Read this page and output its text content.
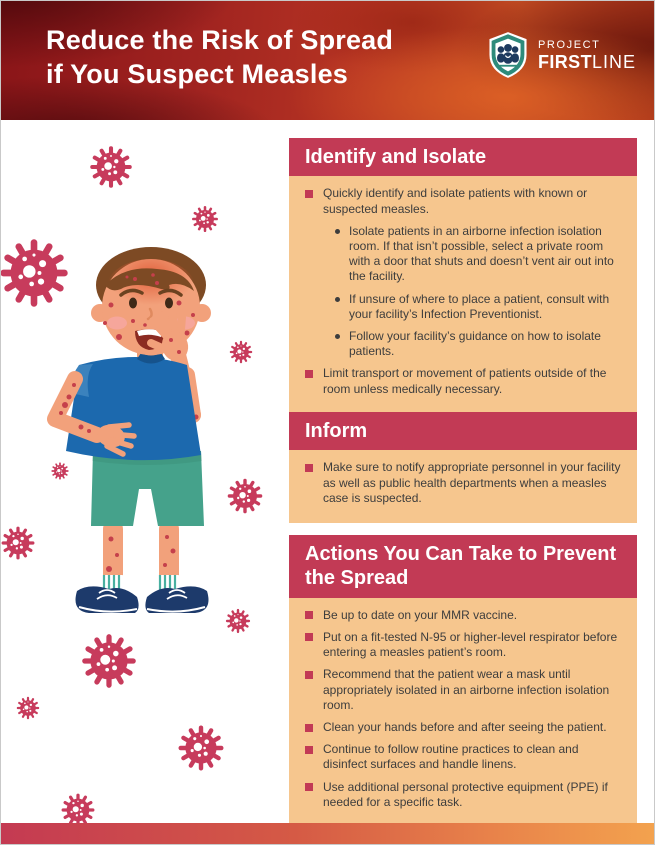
Reduce the Risk of Spread
if You Suspect Measles
PROJECT
FIRSTLINE
Identify and Isolate
Quickly identify and isolate patients with known or suspected measles.
Isolate patients in an airborne infection isolation room. If that isn’t possible, select a private room with a door that shuts and doesn’t vent air out into the facility.
If unsure of where to place a patient, consult with your facility’s Infection Preventionist.
Follow your facility’s guidance on how to isolate patients.
Limit transport or movement of patients outside of the room unless medically necessary.
Inform
Make sure to notify appropriate personnel in your facility as well as public health departments when a measles case is suspected.
Actions You Can Take to Prevent the Spread
Be up to date on your MMR vaccine.
Put on a fit-tested N-95 or higher-level respirator before entering a measles patient’s room.
Recommend that the patient wear a mask until appropriately isolated in an airborne infection isolation room.
Clean your hands before and after seeing the patient.
Continue to follow routine practices to clean and disinfect surfaces and handle linens.
Use additional personal protective equipment (PPE) if needed for a specific task.
